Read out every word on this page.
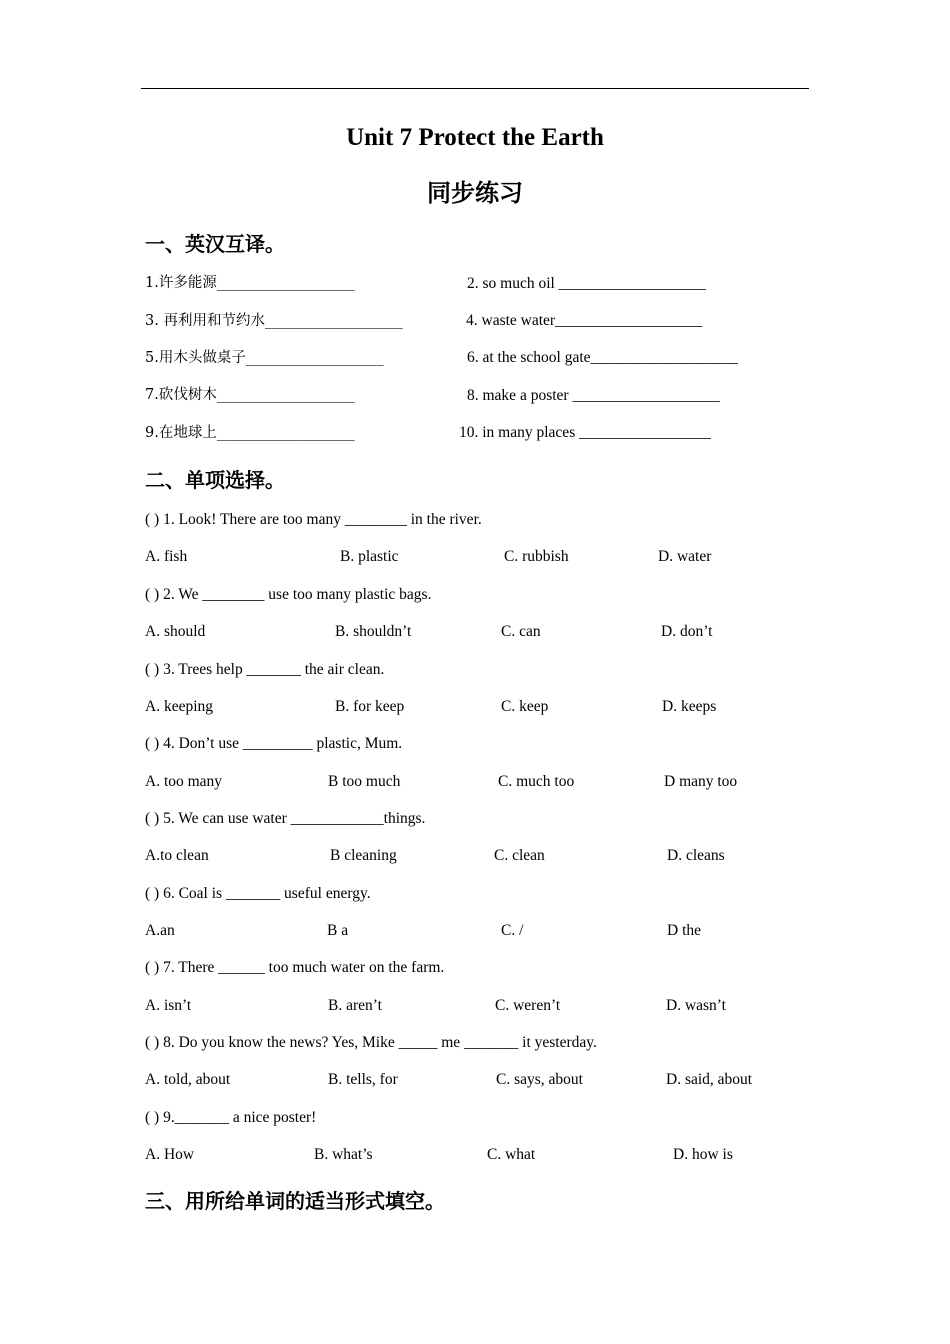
Unit 7 Protect the Earth
同步练习
一、英汉互译。
1.许多能源___________________	2. so much oil ___________________
3. 再利用和节约水___________________	4. waste water___________________
5.用木头做桌子___________________	6. at the school gate___________________
7.砍伐树木___________________	8. make a poster ___________________
9.在地球上___________________	10. in many places _________________
二、单项选择。
( ) 1. Look! There are too many ________ in the river.
A. fish	B. plastic	C. rubbish	D. water
( ) 2. We ________ use too many plastic bags.
A. should	B. shouldn’t	C. can	D. don’t
( ) 3. Trees help _______ the air clean.
A. keeping	B. for keep	C. keep	D. keeps
( ) 4. Don’t use _________ plastic, Mum.
A. too many	B too much	C. much too	D many too
( ) 5. We can use water ____________things.
A.to clean	B cleaning	C. clean	D. cleans
( ) 6. Coal is _______ useful energy.
A.an	B a	C. /	D the
( ) 7. There ______ too much water on the farm.
A. isn’t	B. aren’t	C. weren’t	D. wasn’t
( ) 8. Do you know the news? Yes, Mike _____ me _______ it yesterday.
A. told, about	B. tells, for	C. says, about	D. said, about
( ) 9._______ a nice poster!
A. How	B. what’s	C. what	D. how is
三、用所给单词的适当形式填空。
